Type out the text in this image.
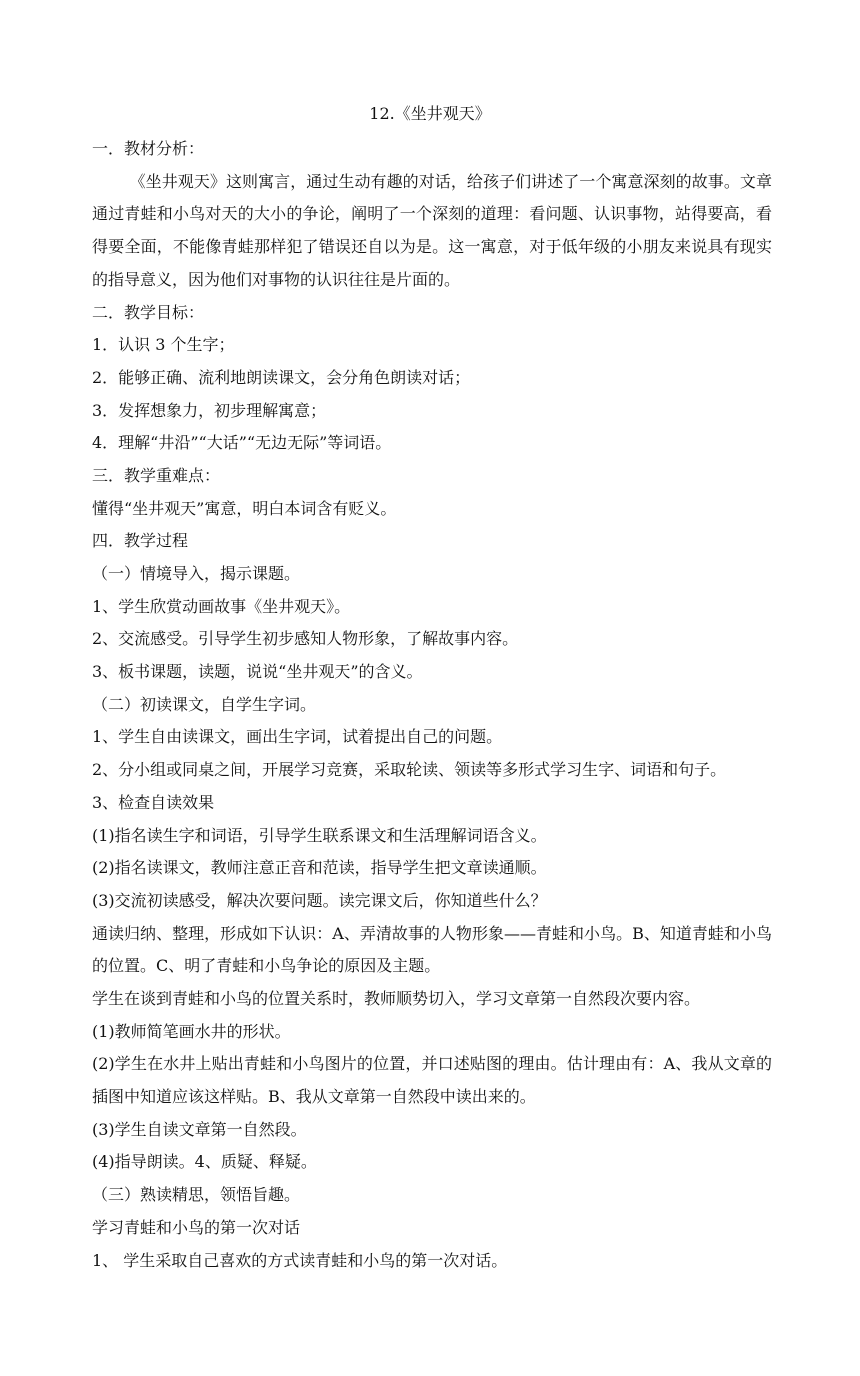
12.《坐井观天》

一．教材分析：

《坐井观天》这则寓言，通过生动有趣的对话，给孩子们讲述了一个寓意深刻的故事。文章通过青蛙和小鸟对天的大小的争论，阐明了一个深刻的道理：看问题、认识事物，站得要高，看得要全面，不能像青蛙那样犯了错误还自以为是。这一寓意，对于低年级的小朋友来说具有现实的指导意义，因为他们对事物的认识往往是片面的。

二．教学目标：

1．认识 3 个生字；

2．能够正确、流利地朗读课文，会分角色朗读对话；

3．发挥想象力，初步理解寓意；

4．理解“井沿”“大话”“无边无际”等词语。

三．教学重难点：

懂得“坐井观天”寓意，明白本词含有贬义。

四．教学过程

（一）情境导入，揭示课题。

1、学生欣赏动画故事《坐井观天》。

2、交流感受。引导学生初步感知人物形象，了解故事内容。

3、板书课题，读题，说说“坐井观天”的含义。

（二）初读课文，自学生字词。

1、学生自由读课文，画出生字词，试着提出自己的问题。

2、分小组或同桌之间，开展学习竞赛，采取轮读、领读等多形式学习生字、词语和句子。

3、检查自读效果

(1)指名读生字和词语，引导学生联系课文和生活理解词语含义。

(2)指名读课文，教师注意正音和范读，指导学生把文章读通顺。

(3)交流初读感受，解决次要问题。读完课文后，你知道些什么？

通读归纳、整理，形成如下认识：A、弄清故事的人物形象——青蛙和小鸟。B、知道青蛙和小鸟的位置。C、明了青蛙和小鸟争论的原因及主题。

学生在谈到青蛙和小鸟的位置关系时，教师顺势切入，学习文章第一自然段次要内容。

(1)教师简笔画水井的形状。

(2)学生在水井上贴出青蛙和小鸟图片的位置，并口述贴图的理由。估计理由有：A、我从文章的插图中知道应该这样贴。B、我从文章第一自然段中读出来的。

(3)学生自读文章第一自然段。

(4)指导朗读。4、质疑、释疑。

（三）熟读精思，领悟旨趣。

学习青蛙和小鸟的第一次对话

1、 学生采取自己喜欢的方式读青蛙和小鸟的第一次对话。
